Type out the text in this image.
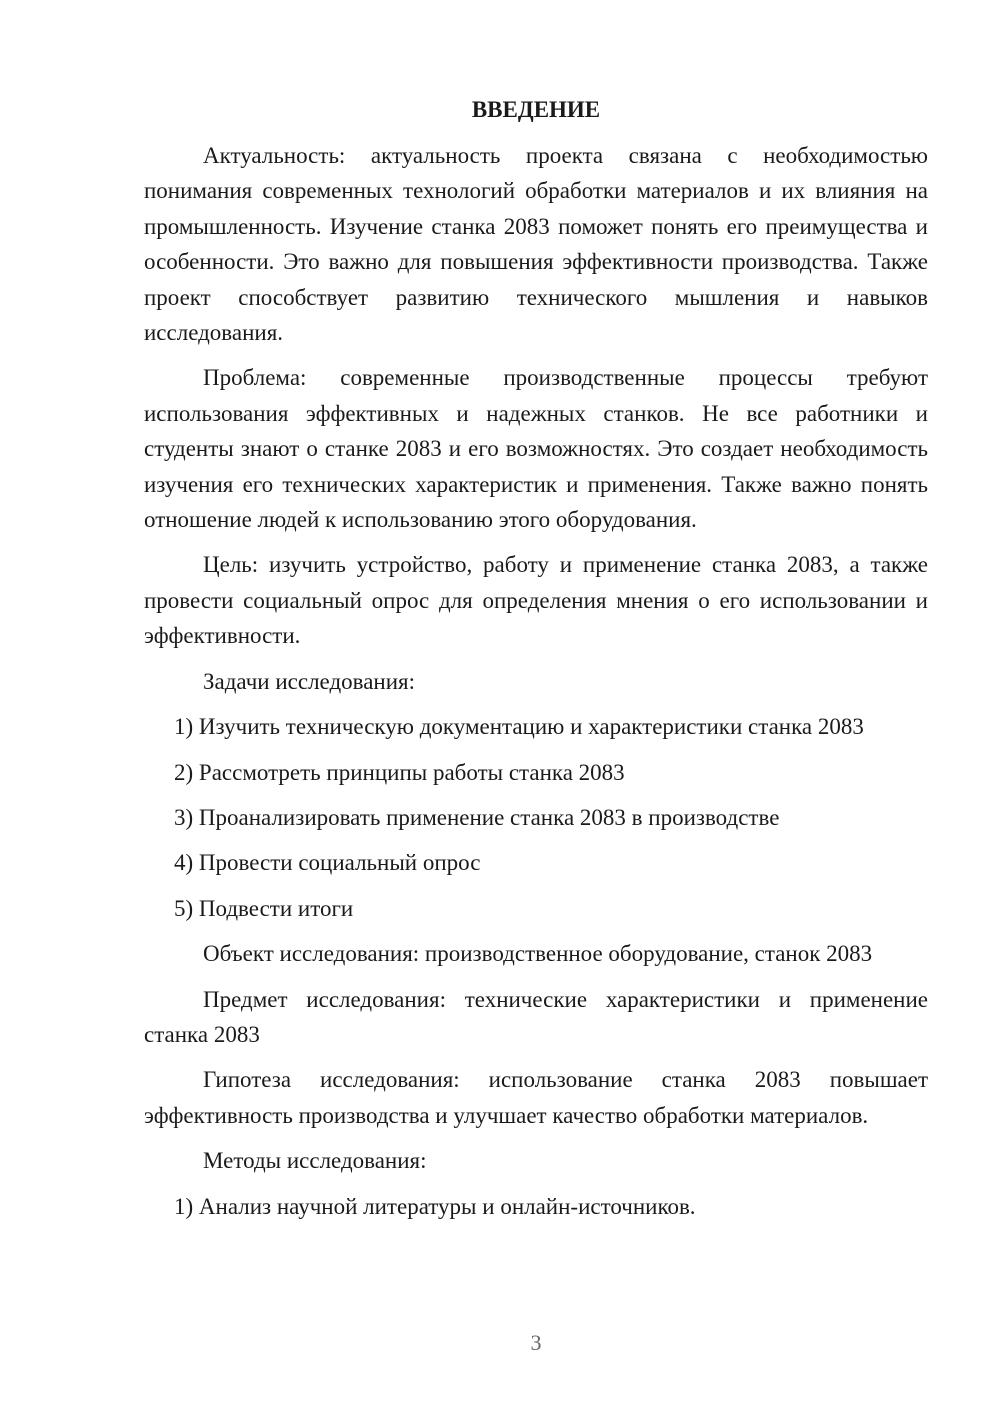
ВВЕДЕНИЕ
Актуальность: актуальность проекта связана с необходимостью понимания современных технологий обработки материалов и их влияния на промышленность. Изучение станка 2083 поможет понять его преимущества и особенности. Это важно для повышения эффективности производства. Также проект способствует развитию технического мышления и навыков исследования.
Проблема: современные производственные процессы требуют использования эффективных и надежных станков. Не все работники и студенты знают о станке 2083 и его возможностях. Это создает необходимость изучения его технических характеристик и применения. Также важно понять отношение людей к использованию этого оборудования.
Цель: изучить устройство, работу и применение станка 2083, а также провести социальный опрос для определения мнения о его использовании и эффективности.
Задачи исследования:
1) Изучить техническую документацию и характеристики станка 2083
2) Рассмотреть принципы работы станка 2083
3) Проанализировать применение станка 2083 в производстве
4) Провести социальный опрос
5) Подвести итоги
Объект исследования: производственное оборудование, станок 2083
Предмет исследования: технические характеристики и применение станка 2083
Гипотеза исследования: использование станка 2083 повышает эффективность производства и улучшает качество обработки материалов.
Методы исследования:
1) Анализ научной литературы и онлайн-источников.
3
